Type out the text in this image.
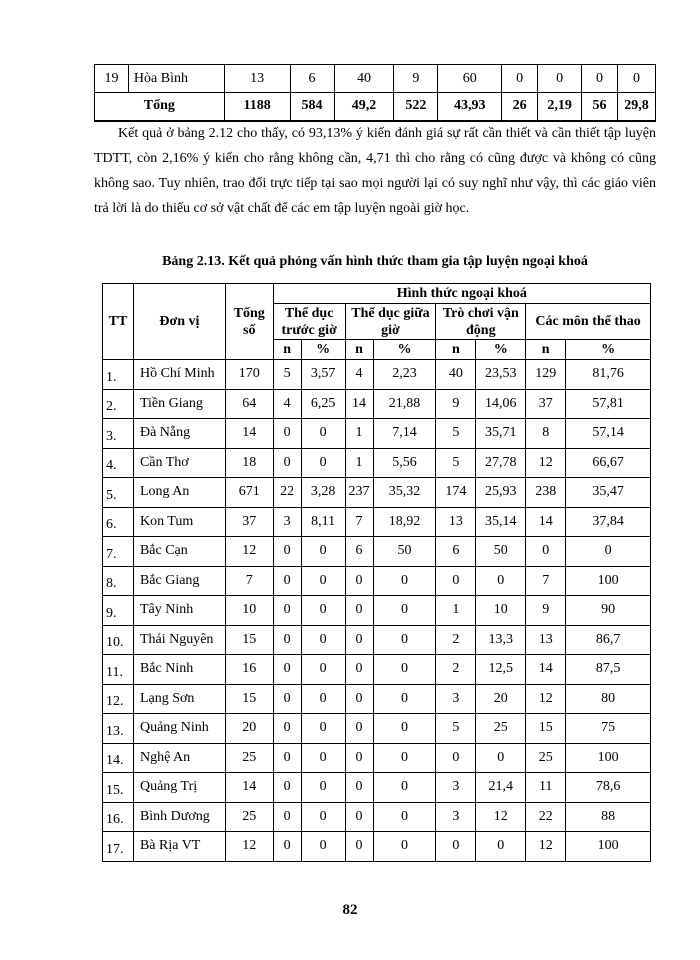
19	Hòa Bình	13	6	40	9	60	0	0	0	0
Tổng		1188	584	49,2	522	43,93	26	2,19	56	29,8
Kết quả ở bảng 2.12 cho thấy, có 93,13% ý kiến đánh giá sự rất cần thiết và cần thiết tập luyện TDTT, còn 2,16% ý kiến cho rằng không cần, 4,71 thì cho rằng có cũng được và không có cũng không sao. Tuy nhiên, trao đổi trực tiếp tại sao mọi người lại có suy nghĩ như vậy, thì các giáo viên trả lời là do thiếu cơ sở vật chất để các em tập luyện ngoài giờ học.
Bảng 2.13. Kết quả phỏng vấn hình thức tham gia tập luyện ngoại khoá
TT	Đơn vị	Tổng số	Hình thức ngoại khoá							
			Thể dục trước giờ		Thể dục giữa giờ		Trò chơi vận động		Các môn thể thao	
			n	%	n	%	n	%	n	%
1.	Hồ Chí Minh	170	5	3,57	4	2,23	40	23,53	129	81,76
2.	Tiền Giang	64	4	6,25	14	21,88	9	14,06	37	57,81
3.	Đà Nẵng	14	0	0	1	7,14	5	35,71	8	57,14
4.	Cần Thơ	18	0	0	1	5,56	5	27,78	12	66,67
5.	Long An	671	22	3,28	237	35,32	174	25,93	238	35,47
6.	Kon Tum	37	3	8,11	7	18,92	13	35,14	14	37,84
7.	Bắc Cạn	12	0	0	6	50	6	50	0	0
8.	Bắc Giang	7	0	0	0	0	0	0	7	100
9.	Tây Ninh	10	0	0	0	0	1	10	9	90
10.	Thái Nguyên	15	0	0	0	0	2	13,3	13	86,7
11.	Bắc Ninh	16	0	0	0	0	2	12,5	14	87,5
12.	Lạng Sơn	15	0	0	0	0	3	20	12	80
13.	Quảng Ninh	20	0	0	0	0	5	25	15	75
14.	Nghệ An	25	0	0	0	0	0	0	25	100
15.	Quảng Trị	14	0	0	0	0	3	21,4	11	78,6
16.	Bình Dương	25	0	0	0	0	3	12	22	88
17.	Bà Rịa VT	12	0	0	0	0	0	0	12	100
82
